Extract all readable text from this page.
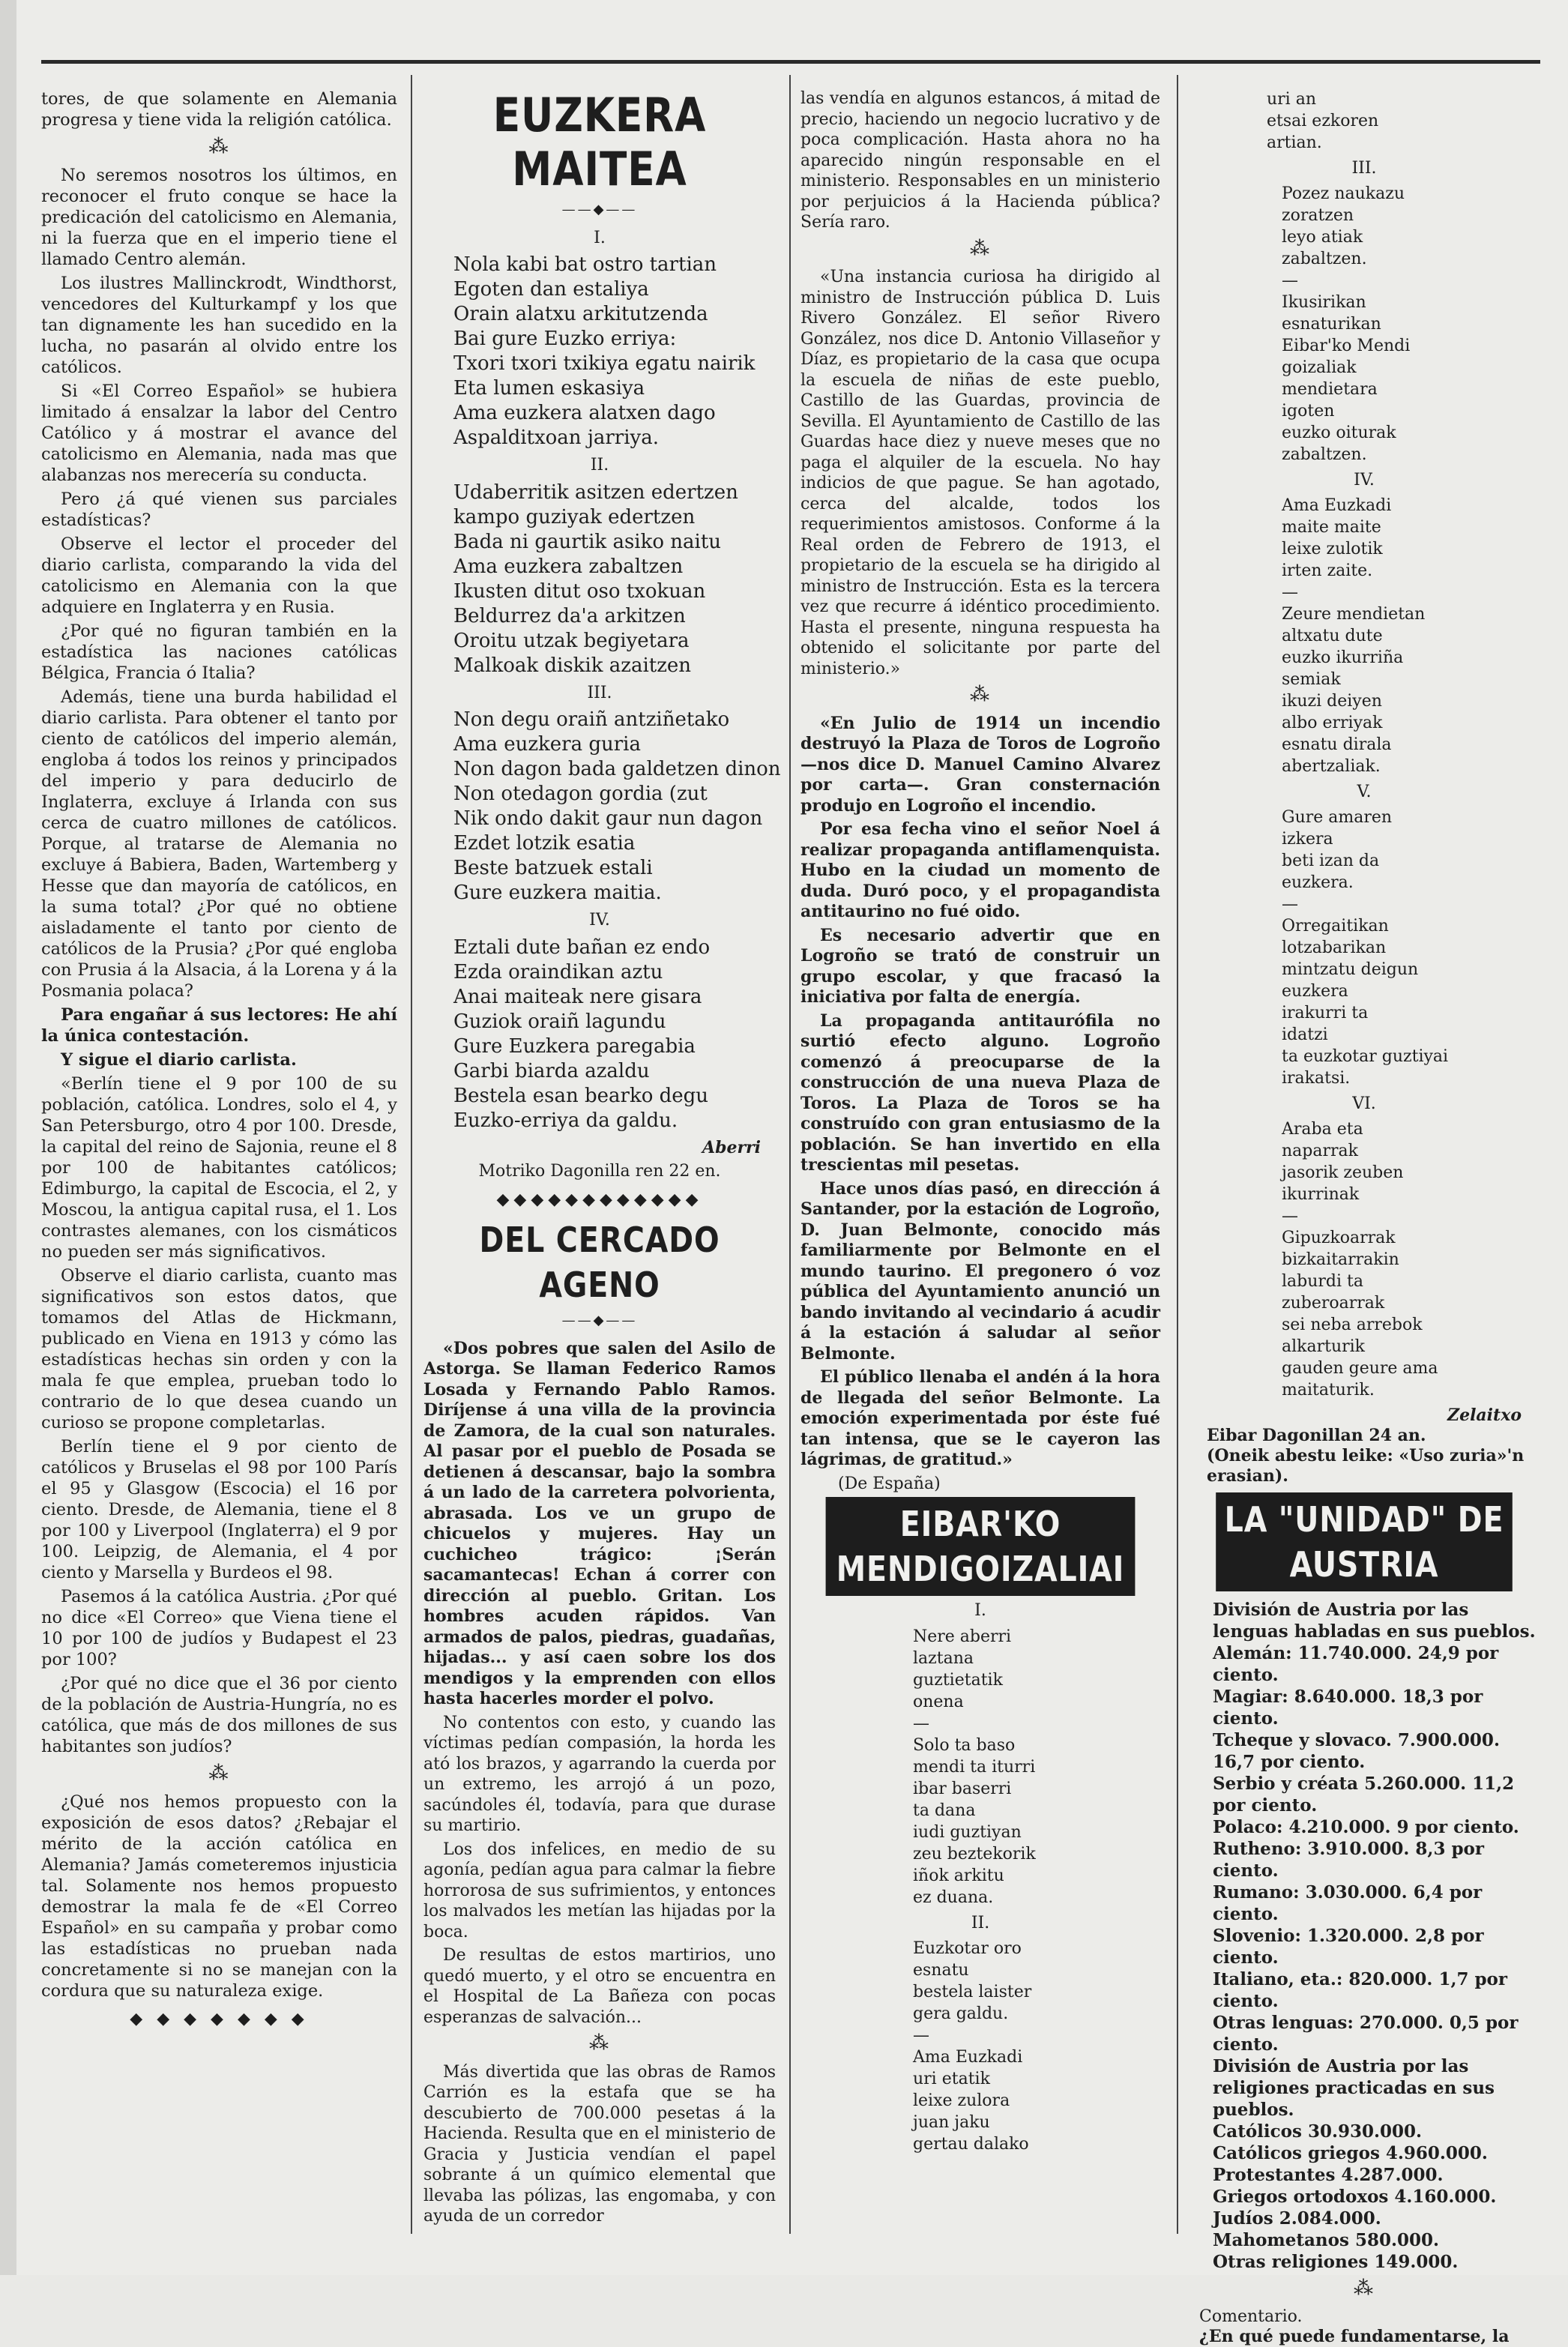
tores, de que solamente en Alemania progresa y tiene vida la religión católica.

⁂

No seremos nosotros los últimos, en reconocer el fruto conque se hace la predicación del catolicismo en Alemania, ni la fuerza que en el imperio tiene el llamado Centro alemán.

Los ilustres Mallinckrodt, Windthorst, vencedores del Kulturkampf y los que tan dignamente les han sucedido en la lucha, no pasarán al olvido entre los católicos.

Si «El Correo Español» se hubiera limitado á ensalzar la labor del Centro Católico y á mostrar el avance del catolicismo en Alemania, nada mas que alabanzas nos merecería su conducta.

Pero ¿á qué vienen sus parciales estadísticas?

Observe el lector el proceder del diario carlista, comparando la vida del catolicismo en Alemania con la que adquiere en Inglaterra y en Rusia.

¿Por qué no figuran también en la estadística las naciones católicas Bélgica, Francia ó Italia?

Además, tiene una burda habilidad el diario carlista. Para obtener el tanto por ciento de católicos del imperio alemán, engloba á todos los reinos y principados del imperio y para deducirlo de Inglaterra, excluye á Irlanda con sus cerca de cuatro millones de católicos. Porque, al tratarse de Alemania no excluye á Babiera, Baden, Wartemberg y Hesse que dan mayoría de católicos, en la suma total? ¿Por qué no obtiene aisladamente el tanto por ciento de católicos de la Prusia? ¿Por qué engloba con Prusia á la Alsacia, á la Lorena y á la Posmania polaca?

Para engañar á sus lectores: He ahí la única contestación.

Y sigue el diario carlista.

«Berlín tiene el 9 por 100 de su población, católica. Londres, solo el 4, y San Petersburgo, otro 4 por 100. Dresde, la capital del reino de Sajonia, reune el 8 por 100 de habitantes católicos; Edimburgo, la capital de Escocia, el 2, y Moscou, la antigua capital rusa, el 1. Los contrastes alemanes, con los cismáticos no pueden ser más significativos.

Observe el diario carlista, cuanto mas significativos son estos datos, que tomamos del Atlas de Hickmann, publicado en Viena en 1913 y cómo las estadísticas hechas sin orden y con la mala fe que emplea, prueban todo lo contrario de lo que desea cuando un curioso se propone completarlas.

Berlín tiene el 9 por ciento de católicos y Bruselas el 98 por 100 París el 95 y Glasgow (Escocia) el 16 por ciento. Dresde, de Alemania, tiene el 8 por 100 y Liverpool (Inglaterra) el 9 por 100. Leipzig, de Alemania, el 4 por ciento y Marsella y Burdeos el 98.

Pasemos á la católica Austria. ¿Por qué no dice «El Correo» que Viena tiene el 10 por 100 de judíos y Budapest el 23 por 100?

¿Por qué no dice que el 36 por ciento de la población de Austria-Hungría, no es católica, que más de dos millones de sus habitantes son judíos?

⁂

¿Qué nos hemos propuesto con la exposición de esos datos? ¿Rebajar el mérito de la acción católica en Alemania? Jamás cometeremos injusticia tal. Solamente nos hemos propuesto demostrar la mala fe de «El Correo Español» en su campaña y probar como las estadísticas no prueban nada concretamente si no se manejan con la cordura que su naturaleza exige.

◆ ◆ ◆ ◆ ◆ ◆ ◆
EUZKERA MAITEA
——◆——
I.
Nola kabi bat ostro tartian
Egoten dan estaliya
Orain alatxu arkitutzenda
Bai gure Euzko erriya:
Txori txori txikiya egatu nairik
Eta lumen eskasiya
Ama euzkera alatxen dago
Aspalditxoan jarriya.
II.
Udaberritik asitzen edertzen
kampo guziyak edertzen
Bada ni gaurtik asiko naitu
Ama euzkera zabaltzen
Ikusten ditut oso txokuan
Beldurrez da'a arkitzen
Oroitu utzak begiyetara
Malkoak diskik azaitzen
III.
Non degu oraiñ antziñetako
Ama euzkera guria
Non dagon bada galdetzen dinon
Non otedagon gordia (zut
Nik ondo dakit gaur nun dagon
Ezdet lotzik esatia
Beste batzuek estali
Gure euzkera maitia.
IV.
Eztali dute bañan ez endo
Ezda oraindikan aztu
Anai maiteak nere gisara
Guziok oraiñ lagundu
Gure Euzkera paregabia
Garbi biarda azaldu
Bestela esan bearko degu
Euzko-erriya da galdu.
Aberri
Motriko Dagonilla ren 22 en.
◆◆◆◆◆◆◆◆◆◆◆◆
DEL CERCADO AGENO
——◆——

«Dos pobres que salen del Asilo de Astorga. Se llaman Federico Ramos Losada y Fernando Pablo Ramos. Diríjense á una villa de la provincia de Zamora, de la cual son naturales. Al pasar por el pueblo de Posada se detienen á descansar, bajo la sombra á un lado de la carretera polvorienta, abrasada. Los ve un grupo de chicuelos y mujeres. Hay un cuchicheo trágico: ¡Serán sacamantecas! Echan á correr con dirección al pueblo. Gritan. Los hombres acuden rápidos. Van armados de palos, piedras, guadañas, hijadas... y así caen sobre los dos mendigos y la emprenden con ellos hasta hacerles morder el polvo.

No contentos con esto, y cuando las víctimas pedían compasión, la horda les ató los brazos, y agarrando la cuerda por un extremo, les arrojó á un pozo, sacúndoles él, todavía, para que durase su martirio.

Los dos infelices, en medio de su agonía, pedían agua para calmar la fiebre horrorosa de sus sufrimientos, y entonces los malvados les metían las hijadas por la boca.

De resultas de estos martirios, uno quedó muerto, y el otro se encuentra en el Hospital de La Bañeza con pocas esperanzas de salvación...

⁂

Más divertida que las obras de Ramos Carrión es la estafa que se ha descubierto de 700.000 pesetas á la Hacienda. Resulta que en el ministerio de Gracia y Justicia vendían el papel sobrante á un químico elemental que llevaba las pólizas, las engomaba, y con ayuda de un corredor

las vendía en algunos estancos, á mitad de precio, haciendo un negocio lucrativo y de poca complicación. Hasta ahora no ha aparecido ningún responsable en el ministerio. Responsables en un ministerio por perjuicios á la Hacienda pública? Sería raro.

⁂

«Una instancia curiosa ha dirigido al ministro de Instrucción pública D. Luis Rivero González. El señor Rivero González, nos dice D. Antonio Villaseñor y Díaz, es propietario de la casa que ocupa la escuela de niñas de este pueblo, Castillo de las Guardas, provincia de Sevilla. El Ayuntamiento de Castillo de las Guardas hace diez y nueve meses que no paga el alquiler de la escuela. No hay indicios de que pague. Se han agotado, cerca del alcalde, todos los requerimientos amistosos. Conforme á la Real orden de Febrero de 1913, el propietario de la escuela se ha dirigido al ministro de Instrucción. Esta es la tercera vez que recurre á idéntico procedimiento. Hasta el presente, ninguna respuesta ha obtenido el solicitante por parte del ministerio.»

⁂

«En Julio de 1914 un incendio destruyó la Plaza de Toros de Logroño —nos dice D. Manuel Camino Alvarez por carta—. Gran consternación produjo en Logroño el incendio.

Por esa fecha vino el señor Noel á realizar propaganda antiflamenquista. Hubo en la ciudad un momento de duda. Duró poco, y el propagandista antitaurino no fué oido.

Es necesario advertir que en Logroño se trató de construir un grupo escolar, y que fracasó la iniciativa por falta de energía.

La propaganda antitaurófila no surtió efecto alguno. Logroño comenzó á preocuparse de la construcción de una nueva Plaza de Toros. La Plaza de Toros se ha construído con gran entusiasmo de la población. Se han invertido en ella trescientas mil pesetas.

Hace unos días pasó, en dirección á Santander, por la estación de Logroño, D. Juan Belmonte, conocido más familiarmente por Belmonte en el mundo taurino. El pregonero ó voz pública del Ayuntamiento anunció un bando invitando al vecindario á acudir á la estación á saludar al señor Belmonte.

El público llenaba el andén á la hora de llegada del señor Belmonte. La emoción experimentada por éste fué tan intensa, que se le cayeron las lágrimas, de gratitud.»

(De España)

EIBAR'KO MENDIGOIZALIAI
I.
Nere aberri
laztana
guztietatik
onena
—
Solo ta baso
mendi ta iturri
ibar baserri
ta dana
iudi guztiyan
zeu beztekorik
iñok arkitu
ez duana.
II.
Euzkotar oro
esnatu
bestela laister
gera galdu.
—
Ama Euzkadi
uri etatik
leixe zulora
juan jaku
gertau dalako
uri an
etsai ezkoren
artian.
III.
Pozez naukazu
zoratzen
leyo atiak
zabaltzen.
—
Ikusirikan
esnaturikan
Eibar'ko Mendi
goizaliak
mendietara
igoten
euzko oiturak
zabaltzen.
IV.
Ama Euzkadi
maite maite
leixe zulotik
irten zaite.
—
Zeure mendietan
altxatu dute
euzko ikurriña
semiak
ikuzi deiyen
albo erriyak
esnatu dirala
abertzaliak.
V.
Gure amaren
izkera
beti izan da
euzkera.
—
Orregaitikan
lotzabarikan
mintzatu deigun
euzkera
irakurri ta
idatzi
ta euzkotar guztiyai
irakatsi.
VI.
Araba eta
naparrak
jasorik zeuben
ikurrinak
—
Gipuzkoarrak
bizkaitarrakin
laburdi ta
zuberoarrak
sei neba arrebok
alkarturik
gauden geure ama
maitaturik.
Zelaitxo
Eibar Dagonillan 24 an.
(Oneik abestu leike: «Uso zuria»'n erasian).
LA "UNIDAD" DE AUSTRIA
División de Austria por las lenguas habladas en sus pueblos.
Alemán: 11.740.000. 24,9 por ciento.
Magiar: 8.640.000. 18,3 por ciento.
Tcheque y slovaco. 7.900.000. 16,7 por ciento.
Serbio y créata 5.260.000. 11,2 por ciento.
Polaco: 4.210.000. 9 por ciento.
Rutheno: 3.910.000. 8,3 por ciento.
Rumano: 3.030.000. 6,4 por ciento.
Slovenio: 1.320.000. 2,8 por ciento.
Italiano, eta.: 820.000. 1,7 por ciento.
Otras lenguas: 270.000. 0,5 por ciento.
División de Austria por las religiones practicadas en sus pueblos.
Católicos 30.930.000.
Católicos griegos 4.960.000.
Protestantes 4.287.000.
Griegos ortodoxos 4.160.000.
Judíos 2.084.000.
Mahometanos 580.000.
Otras religiones 149.000.
⁂
Comentario.
¿En qué puede fundamentarse, la
